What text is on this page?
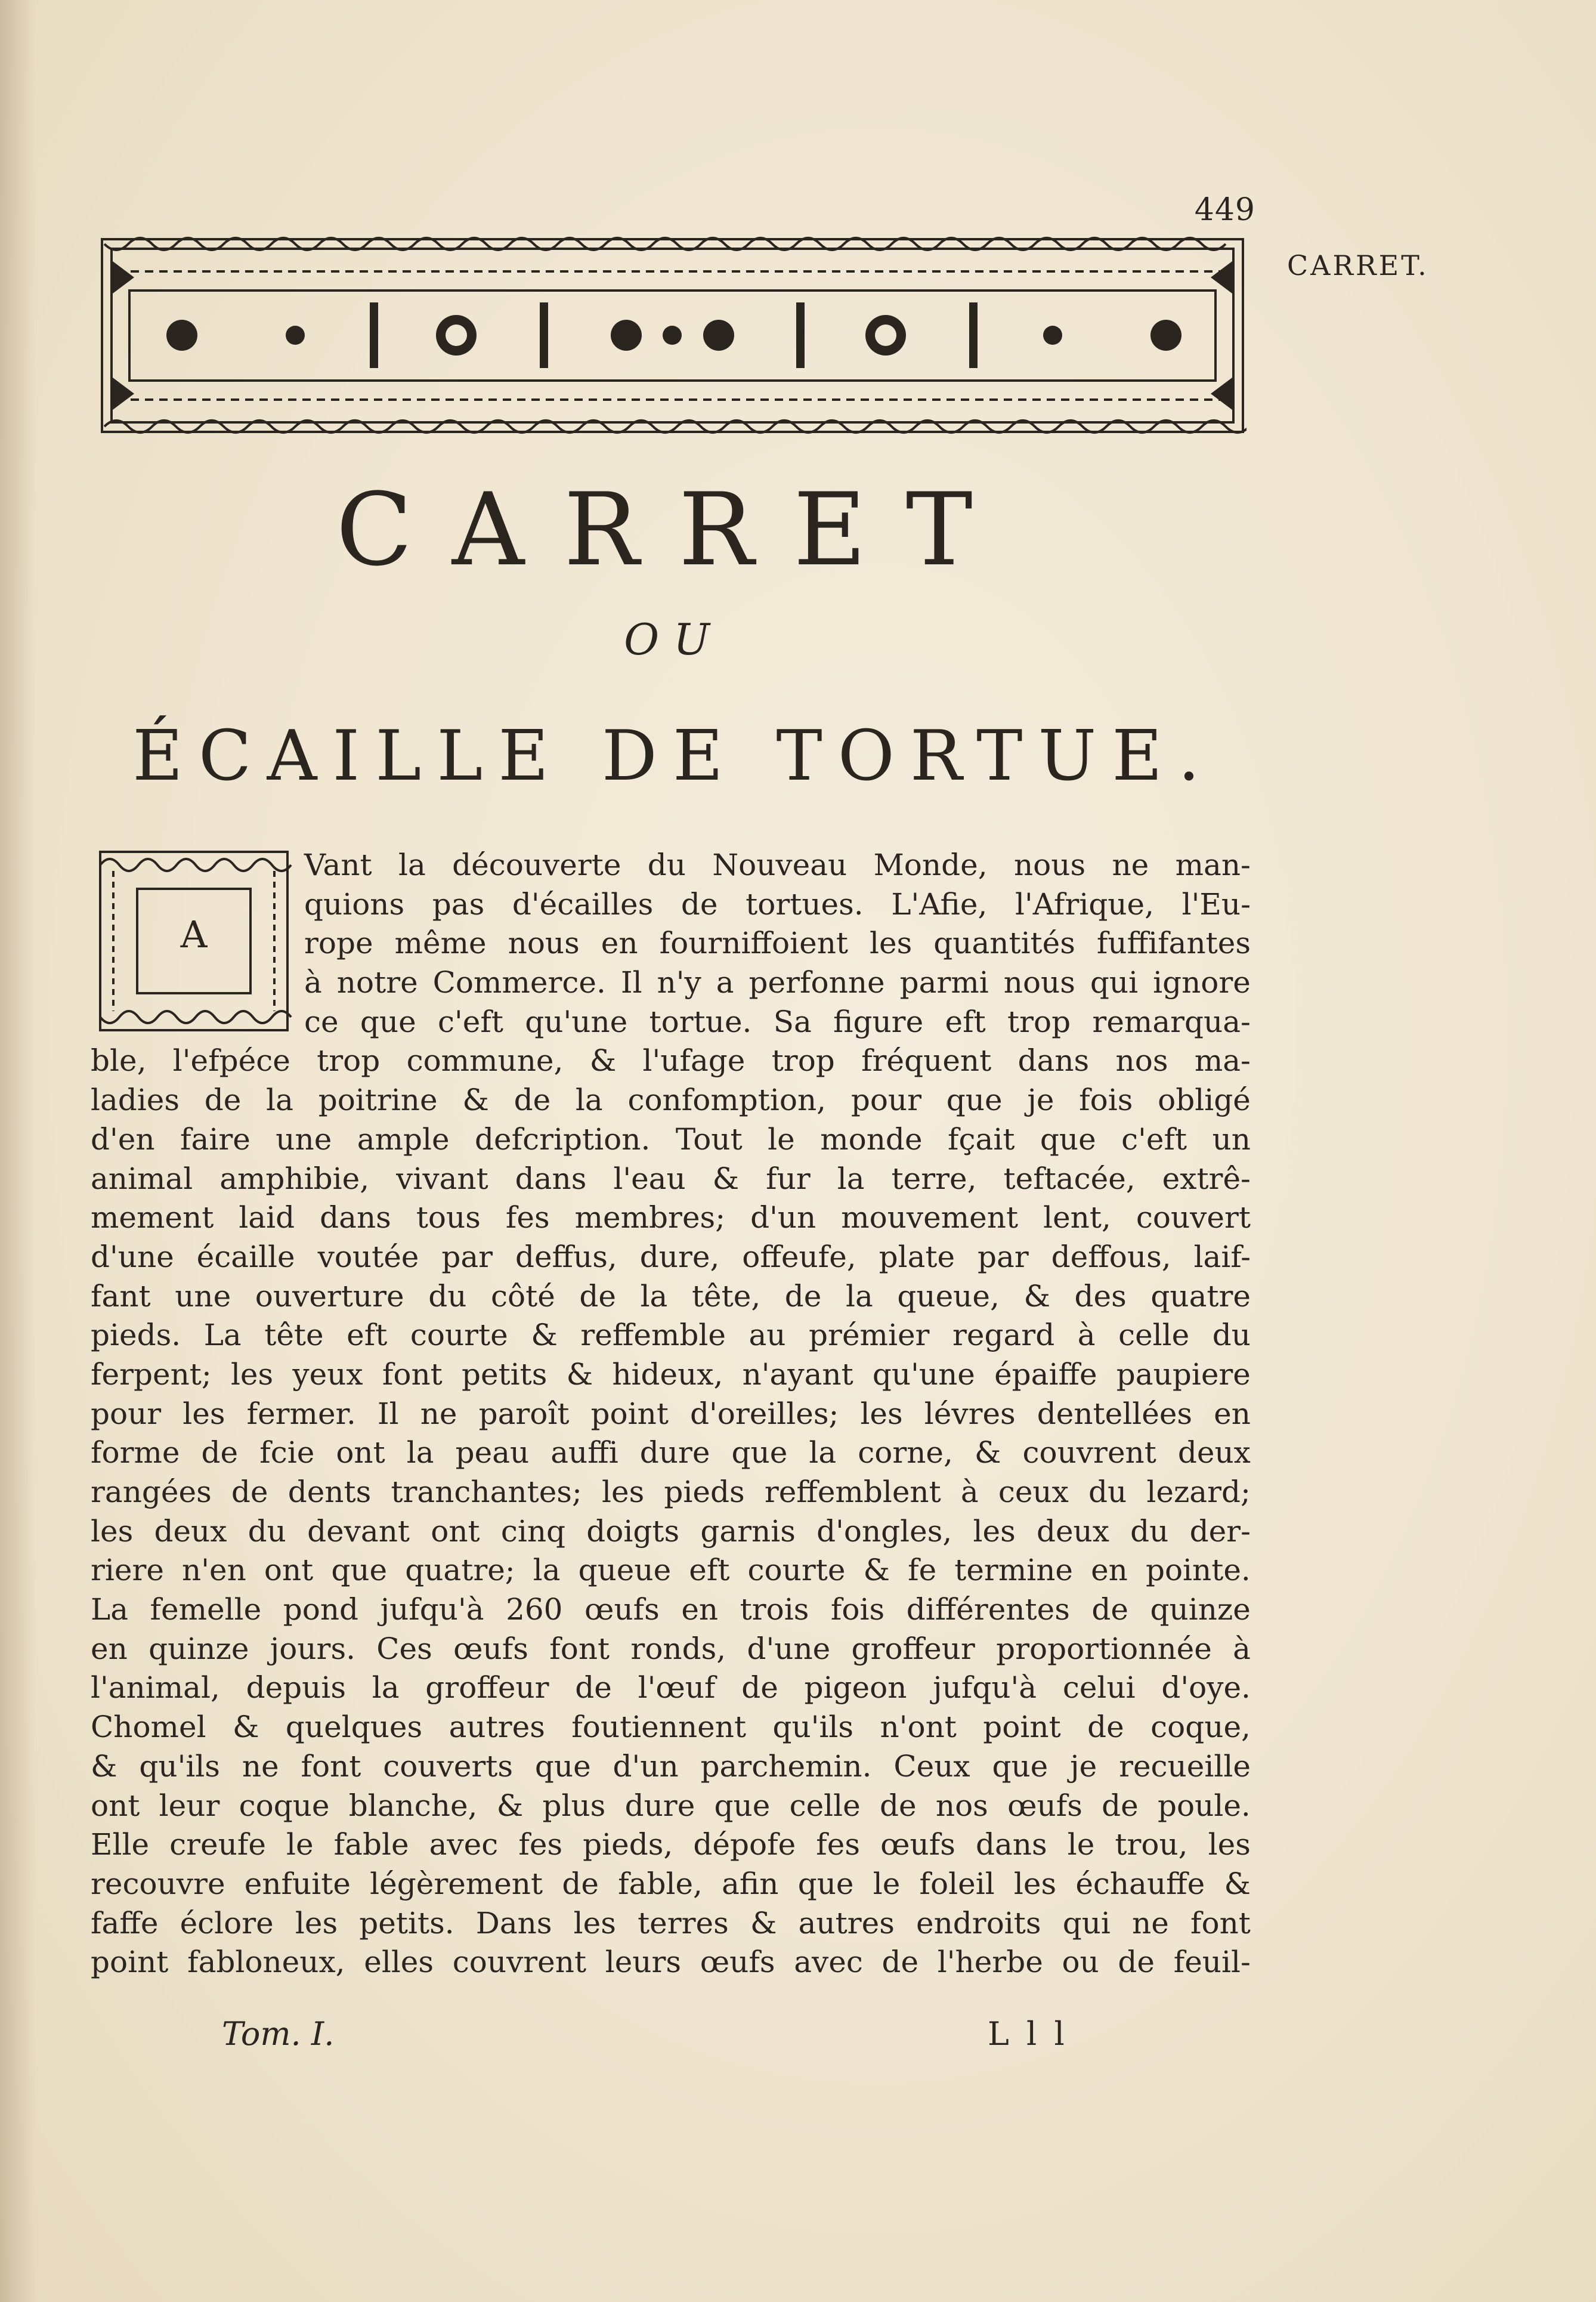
449
CARRET.
CARRET
OU
ÉCAILLE DE TORTUE.
A
Vant la découverte du Nouveau Monde, nous ne man-
quions pas d'écailles de tortues. L'Afie, l'Afrique, l'Eu-
rope même nous en fourniffoient les quantités fuffifantes
à notre Commerce. Il n'y a perfonne parmi nous qui ignore
ce que c'eft qu'une tortue. Sa figure eft trop remarqua-
ble, l'efpéce trop commune, & l'ufage trop fréquent dans nos ma-
ladies de la poitrine & de la confomption, pour que je fois obligé
d'en faire une ample defcription. Tout le monde fçait que c'eft un
animal amphibie, vivant dans l'eau & fur la terre, teftacée, extrê-
mement laid dans tous fes membres; d'un mouvement lent, couvert
d'une écaille voutée par deffus, dure, offeufe, plate par deffous, laif-
fant une ouverture du côté de la tête, de la queue, & des quatre
pieds. La tête eft courte & reffemble au prémier regard à celle du
ferpent; les yeux font petits & hideux, n'ayant qu'une épaiffe paupiere
pour les fermer. Il ne paroît point d'oreilles; les lévres dentellées en
forme de fcie ont la peau auffi dure que la corne, & couvrent deux
rangées de dents tranchantes; les pieds reffemblent à ceux du lezard;
les deux du devant ont cinq doigts garnis d'ongles, les deux du der-
riere n'en ont que quatre; la queue eft courte & fe termine en pointe.
La femelle pond jufqu'à 260 œufs en trois fois différentes de quinze
en quinze jours. Ces œufs font ronds, d'une groffeur proportionnée à
l'animal, depuis la groffeur de l'œuf de pigeon jufqu'à celui d'oye.
Chomel & quelques autres foutiennent qu'ils n'ont point de coque,
& qu'ils ne font couverts que d'un parchemin. Ceux que je recueille
ont leur coque blanche, & plus dure que celle de nos œufs de poule.
Elle creufe le fable avec fes pieds, dépofe fes œufs dans le trou, les
recouvre enfuite légèrement de fable, afin que le foleil les échauffe &
faffe éclore les petits. Dans les terres & autres endroits qui ne font
point fabloneux, elles couvrent leurs œufs avec de l'herbe ou de feuil-
Tom. I.	L l l
